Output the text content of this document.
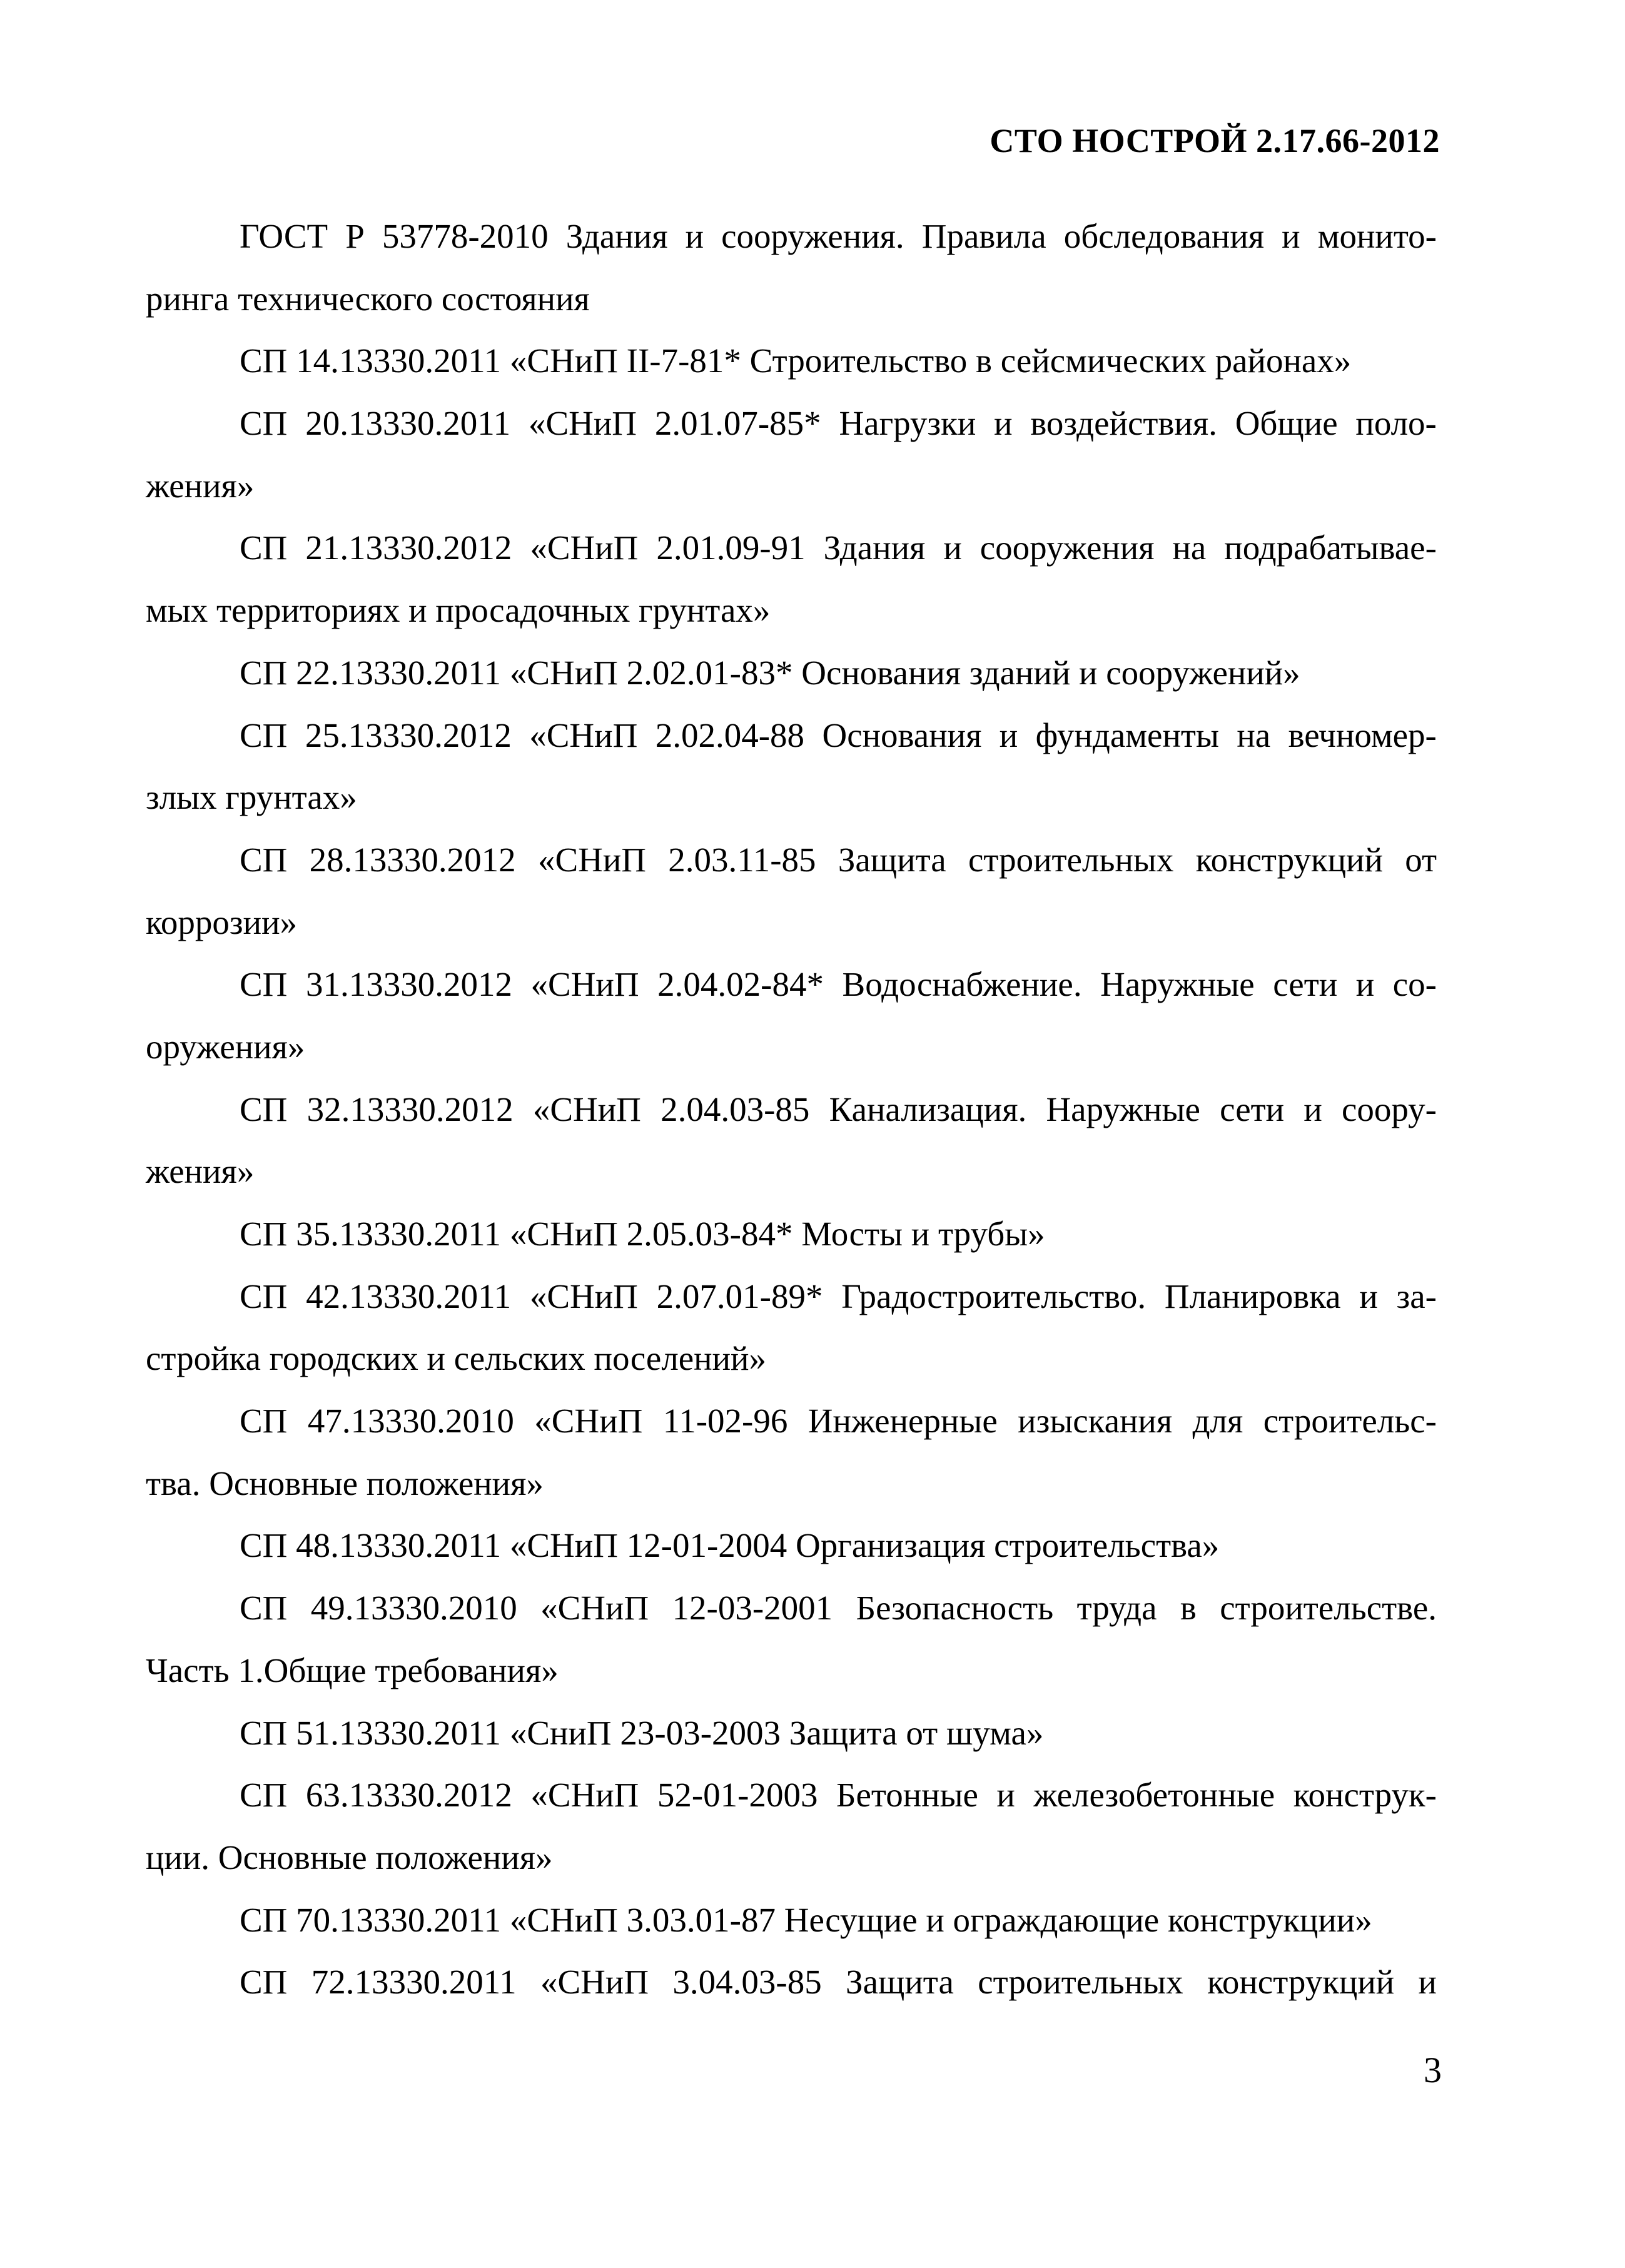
СТО НОСТРОЙ 2.17.66-2012
ГОСТ Р 53778-2010 Здания и сооружения. Правила обследования и монито-
ринга технического состояния
СП 14.13330.2011 «СНиП II-7-81* Строительство в сейсмических районах»
СП 20.13330.2011 «СНиП 2.01.07-85* Нагрузки и воздействия. Общие поло-
жения»
СП 21.13330.2012 «СНиП 2.01.09-91 Здания и сооружения на подрабатывае-
мых территориях и просадочных грунтах»
СП 22.13330.2011 «СНиП 2.02.01-83* Основания зданий и сооружений»
СП 25.13330.2012 «СНиП 2.02.04-88 Основания и фундаменты на вечномер-
злых грунтах»
СП 28.13330.2012 «СНиП 2.03.11-85 Защита строительных конструкций от
коррозии»
СП 31.13330.2012 «СНиП 2.04.02-84* Водоснабжение. Наружные сети и со-
оружения»
СП 32.13330.2012 «СНиП 2.04.03-85 Канализация. Наружные сети и соору-
жения»
СП 35.13330.2011 «СНиП 2.05.03-84* Мосты и трубы»
СП 42.13330.2011 «СНиП 2.07.01-89* Градостроительство. Планировка и за-
стройка городских и сельских поселений»
СП 47.13330.2010 «СНиП 11-02-96 Инженерные изыскания для строительс-
тва. Основные положения»
СП 48.13330.2011 «СНиП 12-01-2004 Организация строительства»
СП 49.13330.2010 «СНиП 12-03-2001 Безопасность труда в строительстве.
Часть 1.Общие требования»
СП 51.13330.2011 «СниП 23-03-2003 Защита от шума»
СП 63.13330.2012 «СНиП 52-01-2003 Бетонные и железобетонные конструк-
ции. Основные положения»
СП 70.13330.2011 «СНиП 3.03.01-87 Несущие и ограждающие конструкции»
СП 72.13330.2011 «СНиП 3.04.03-85 Защита строительных конструкций и
3
